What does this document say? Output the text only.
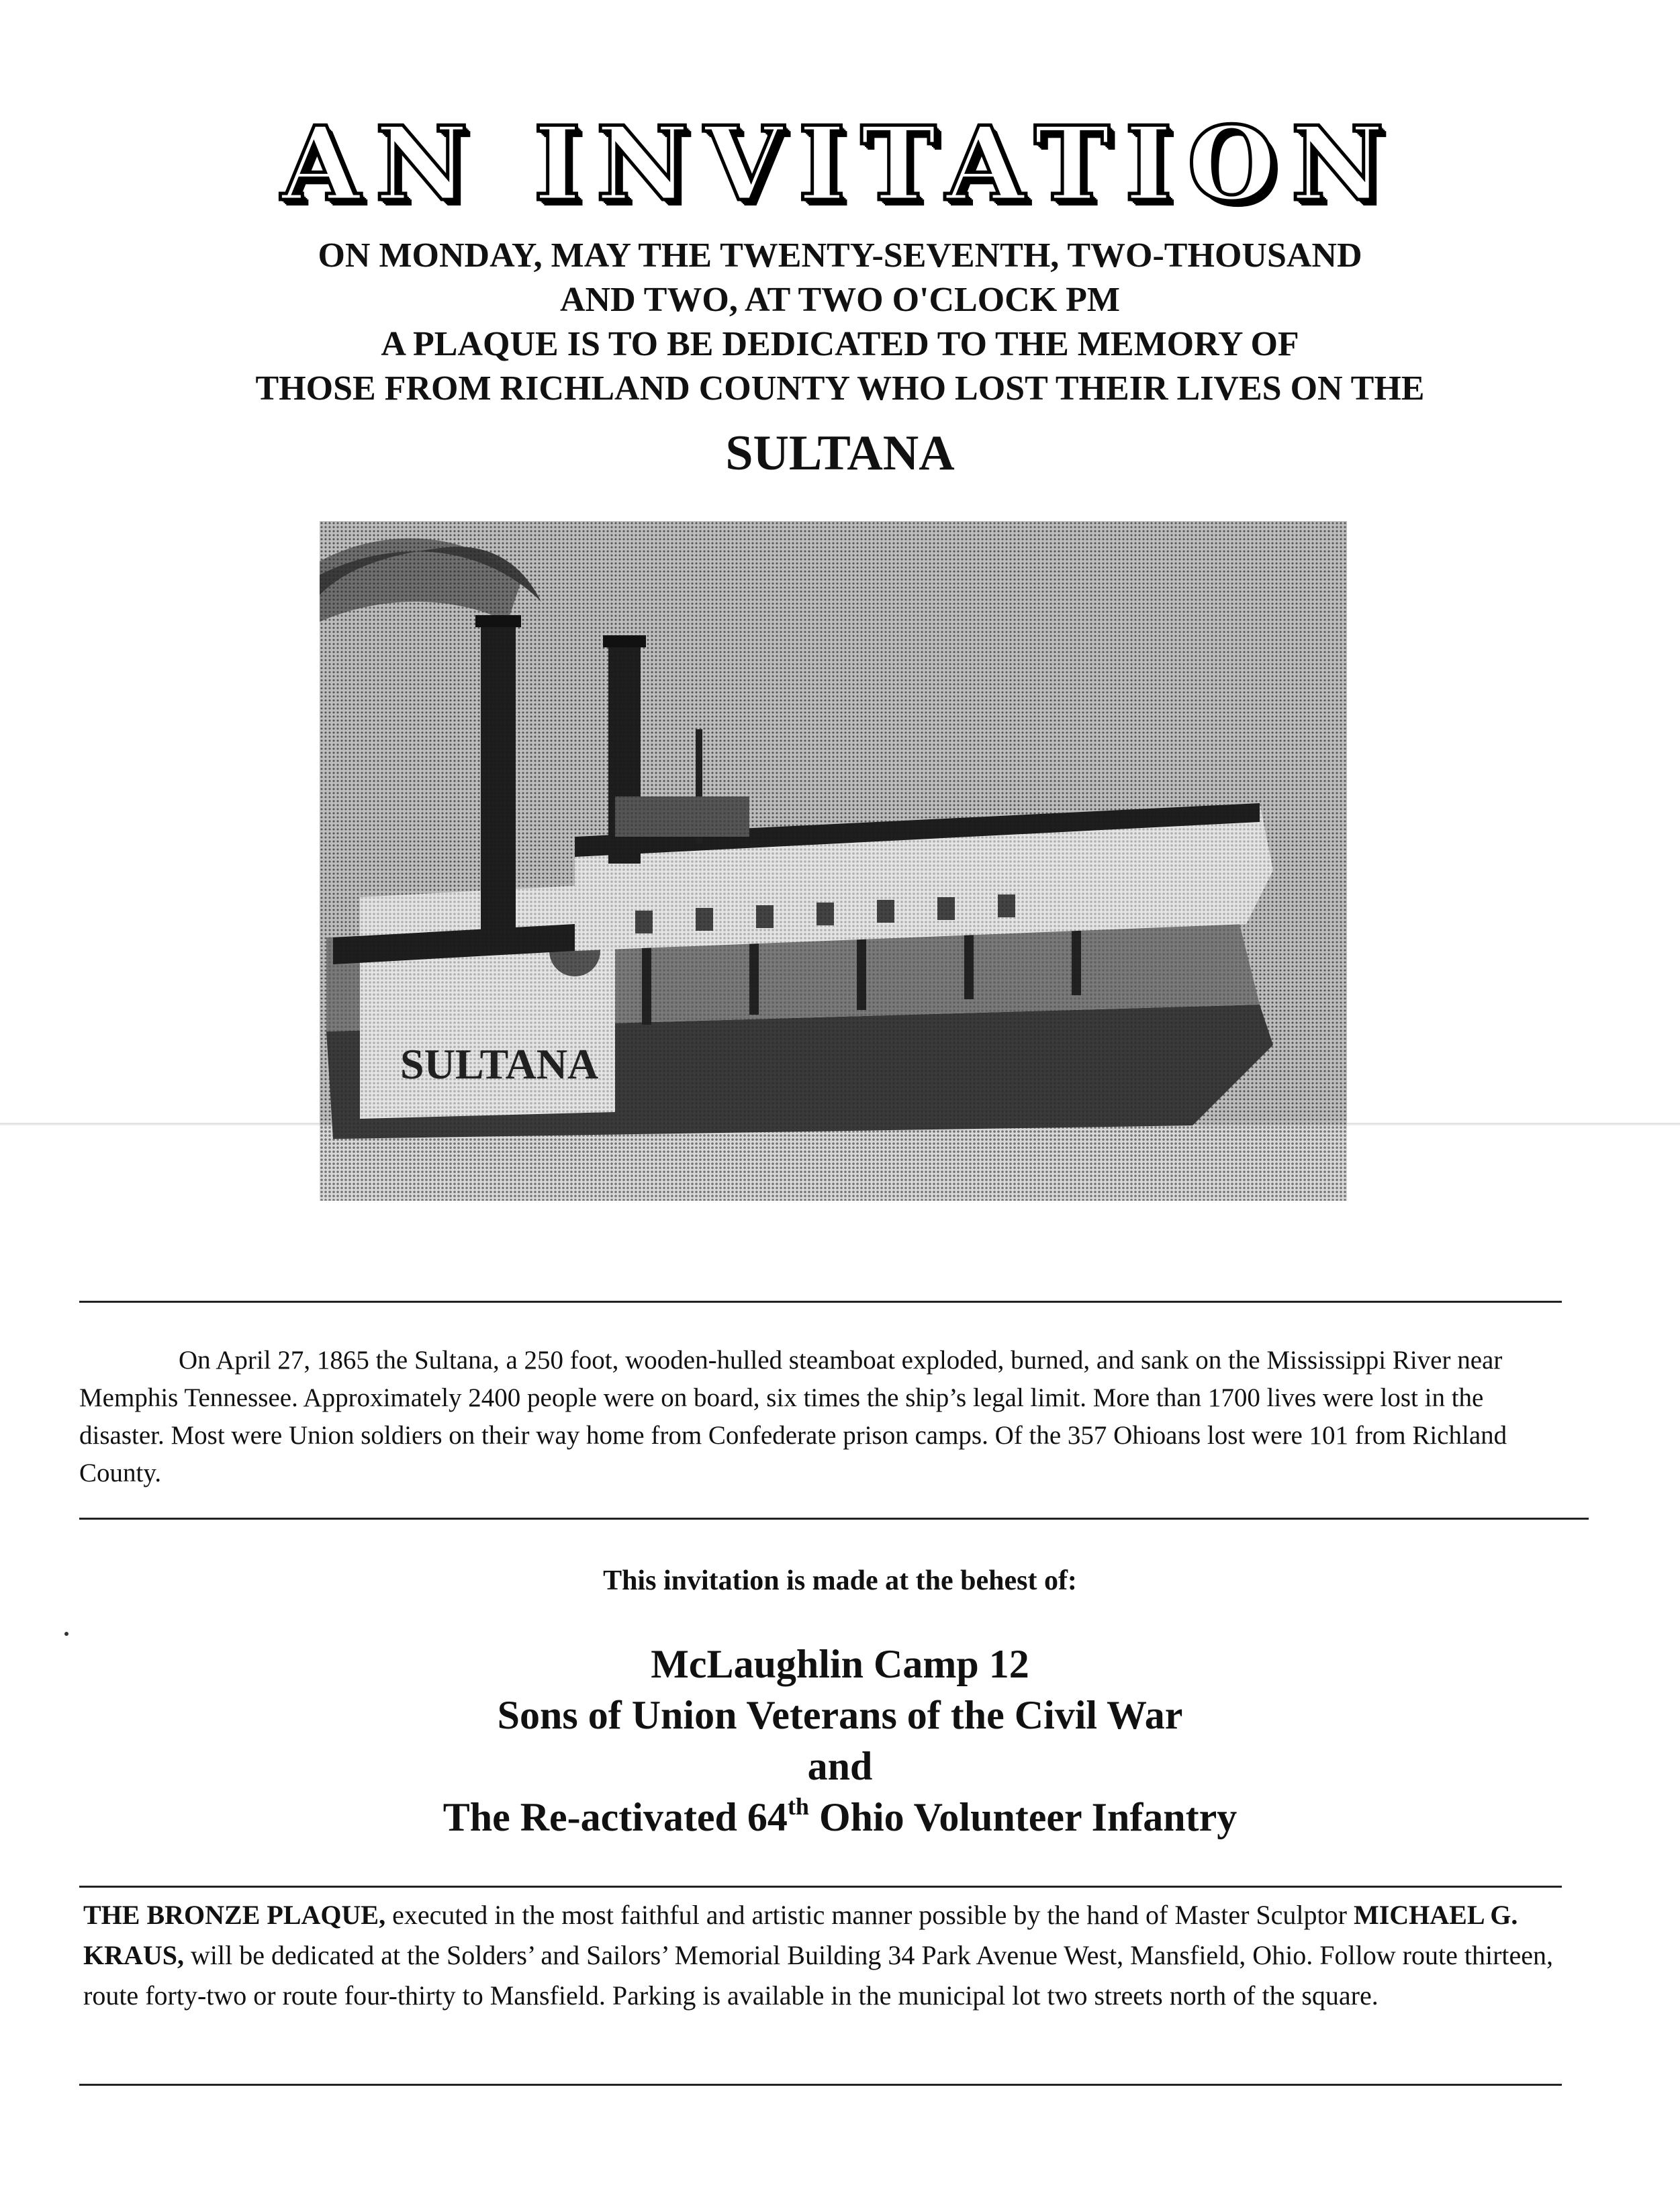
AN INVITATION
ON MONDAY, MAY THE TWENTY-SEVENTH, TWO-THOUSAND
AND TWO, AT TWO O'CLOCK PM
A PLAQUE IS TO BE DEDICATED TO THE MEMORY OF
THOSE FROM RICHLAND COUNTY WHO LOST THEIR LIVES ON THE
SULTANA
SULTANA
On April 27, 1865 the Sultana, a 250 foot, wooden-hulled steamboat exploded, burned, and sank on the Mississippi River near Memphis Tennessee. Approximately 2400 people were on board, six times the ship’s legal limit. More than 1700 lives were lost in the disaster. Most were Union soldiers on their way home from Confederate prison camps. Of the 357 Ohioans lost were 101 from Richland County.
This invitation is made at the behest of:
McLaughlin Camp 12
Sons of Union Veterans of the Civil War
and
The Re-activated 64th Ohio Volunteer Infantry
THE BRONZE PLAQUE, executed in the most faithful and artistic manner possible by the hand of Master Sculptor MICHAEL G. KRAUS, will be dedicated at the Solders’ and Sailors’ Memorial Building 34 Park Avenue West, Mansfield, Ohio. Follow route thirteen, route forty-two or route four-thirty to Mansfield. Parking is available in the municipal lot two streets north of the square.
